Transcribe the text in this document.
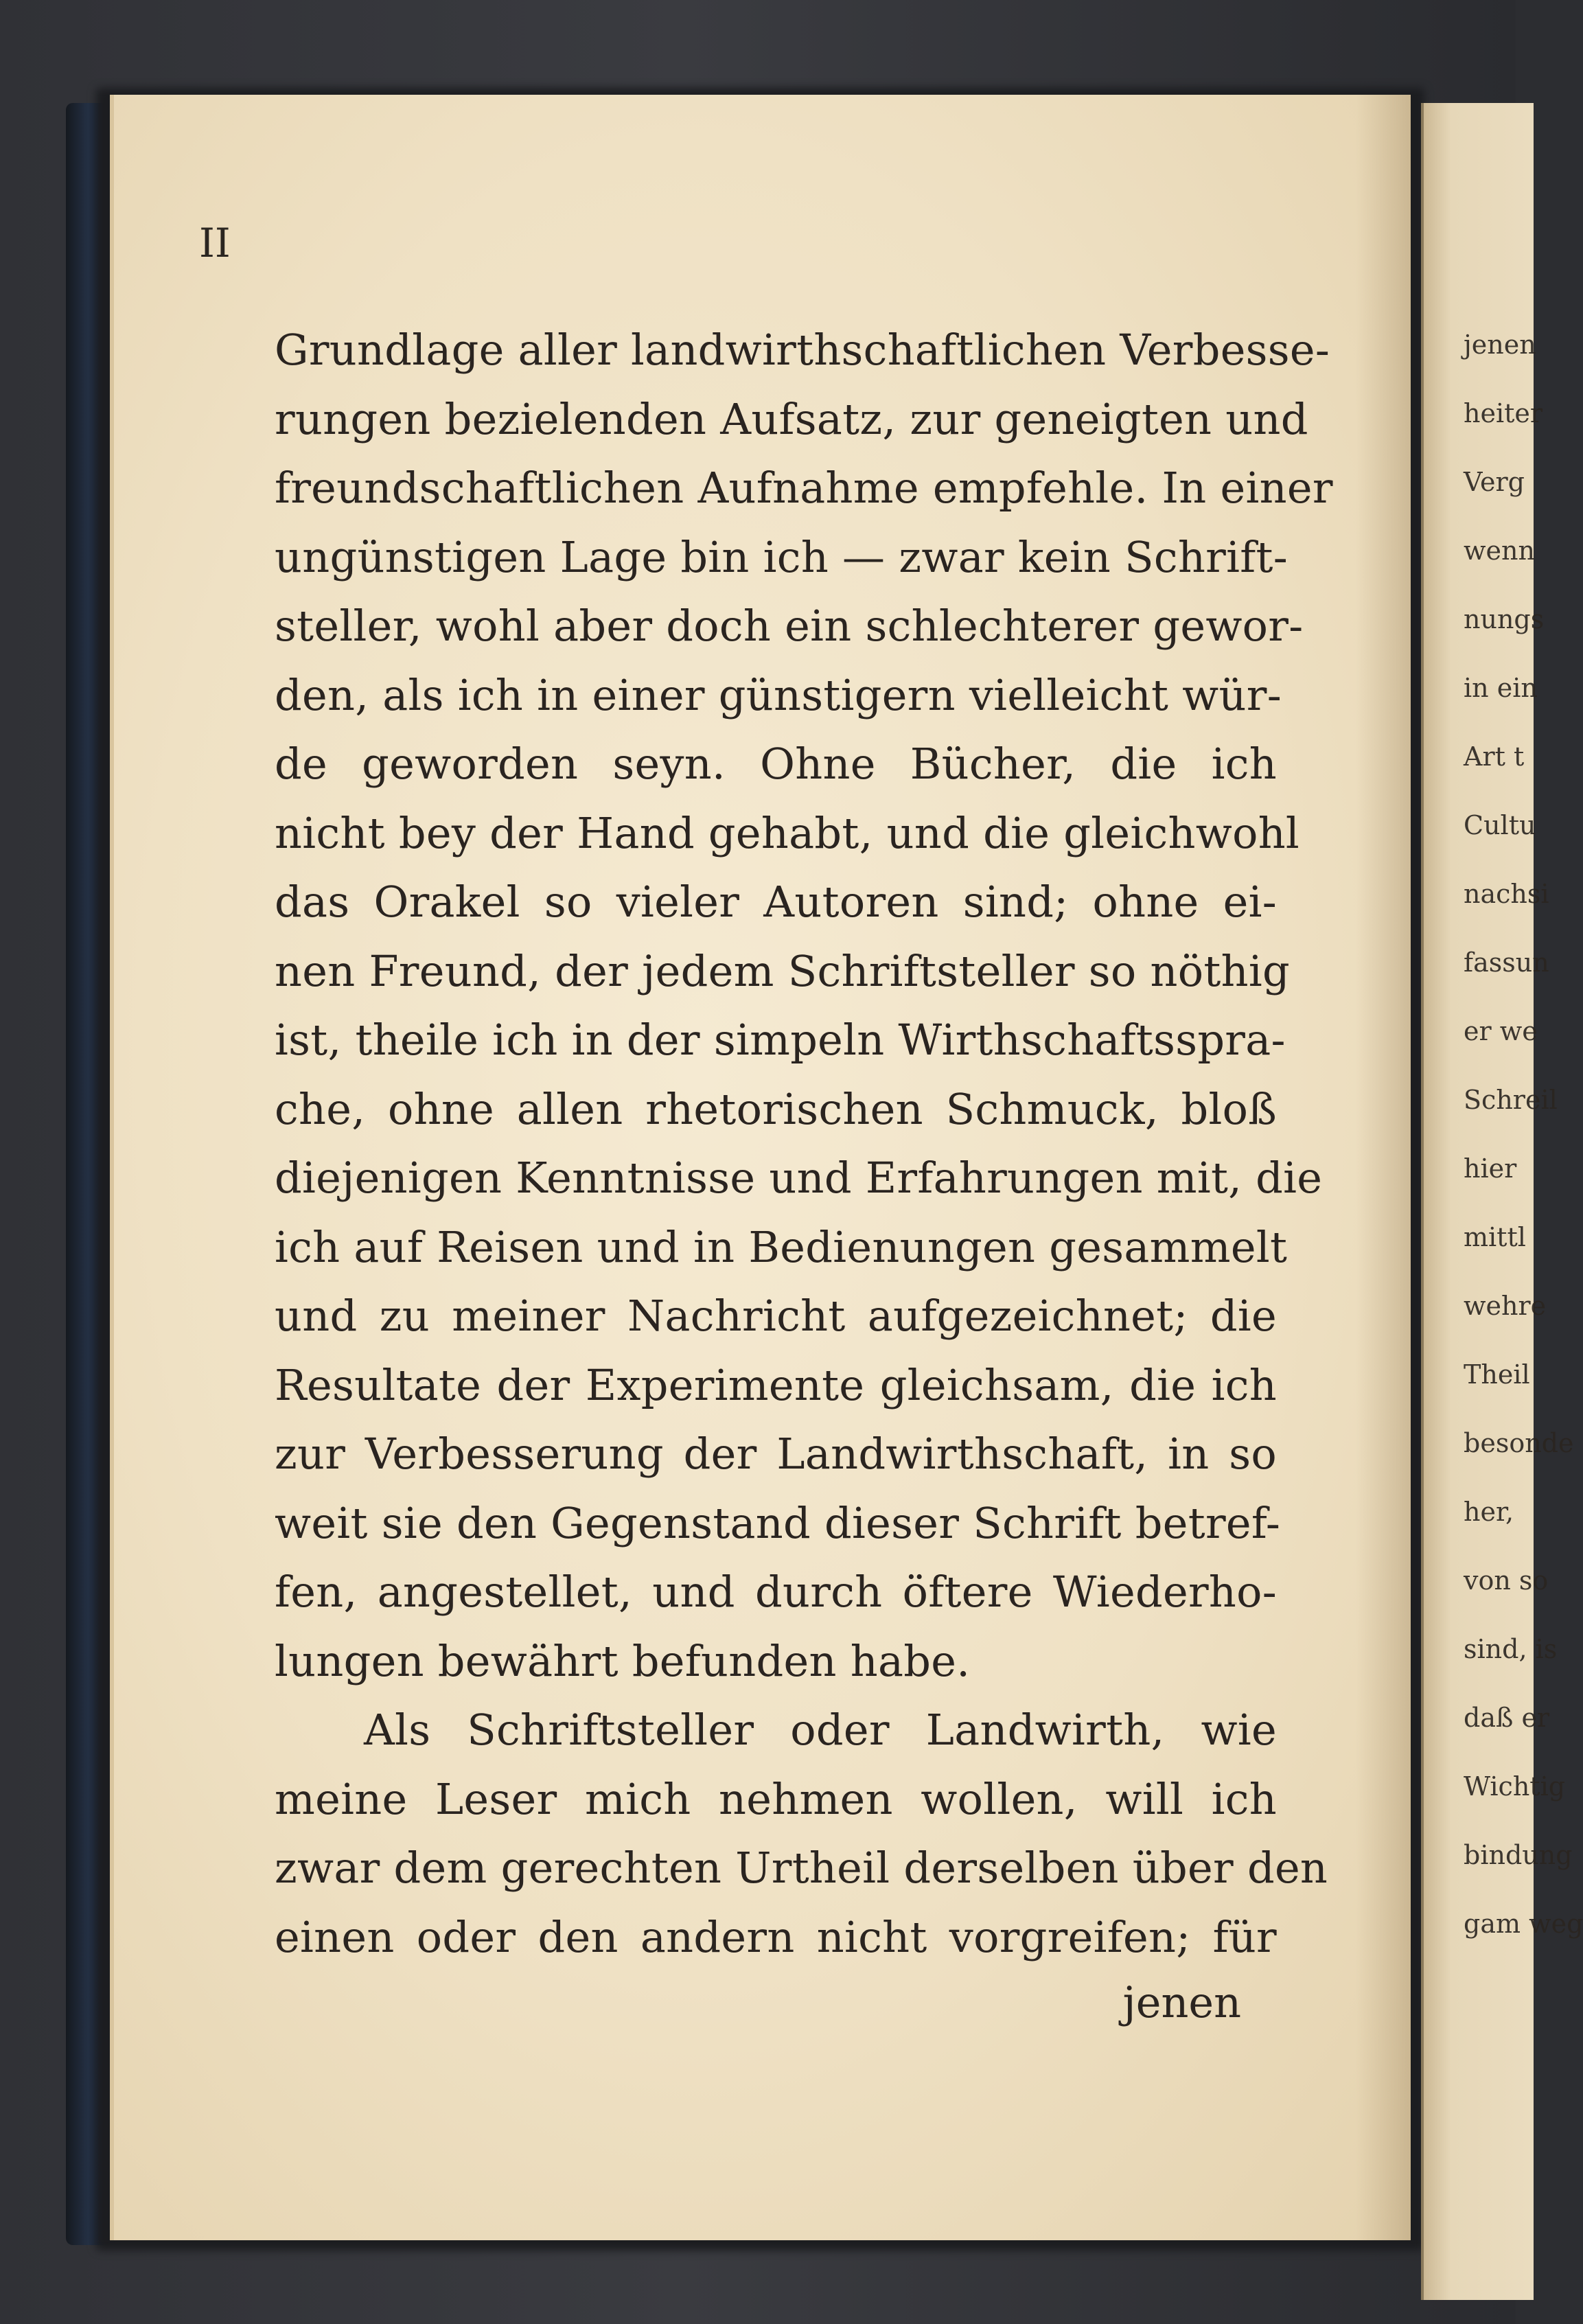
II
Grundlage aller landwirthschaftlichen Verbesse-
rungen bezielenden Aufsatz, zur geneigten und
freundschaftlichen Aufnahme empfehle. In einer
ungünstigen Lage bin ich — zwar kein Schrift-
steller, wohl aber doch ein schlechterer gewor-
den, als ich in einer günstigern vielleicht wür-
de geworden seyn. Ohne Bücher, die ich
nicht bey der Hand gehabt, und die gleichwohl
das Orakel so vieler Autoren sind; ohne ei-
nen Freund, der jedem Schriftsteller so nöthig
ist, theile ich in der simpeln Wirthschaftsspra-
che, ohne allen rhetorischen Schmuck, bloß
diejenigen Kenntnisse und Erfahrungen mit, die
ich auf Reisen und in Bedienungen gesammelt
und zu meiner Nachricht aufgezeichnet; die
Resultate der Experimente gleichsam, die ich
zur Verbesserung der Landwirthschaft, in so
weit sie den Gegenstand dieser Schrift betref-
fen, angestellet, und durch öftere Wiederho-
lungen bewährt befunden habe.
Als Schriftsteller oder Landwirth, wie
meine Leser mich nehmen wollen, will ich
zwar dem gerechten Urtheil derselben über den
einen oder den andern nicht vorgreifen; für
jenen
jenen
heiter
Verg
wenn
nungs
in ein
Art t
Cultu
nachsi
fassun
er we
Schreil
hier
mittl
wehre
Theil
besonde
her,
von so
sind, is
daß er
Wichtig
bindung
gam weg
